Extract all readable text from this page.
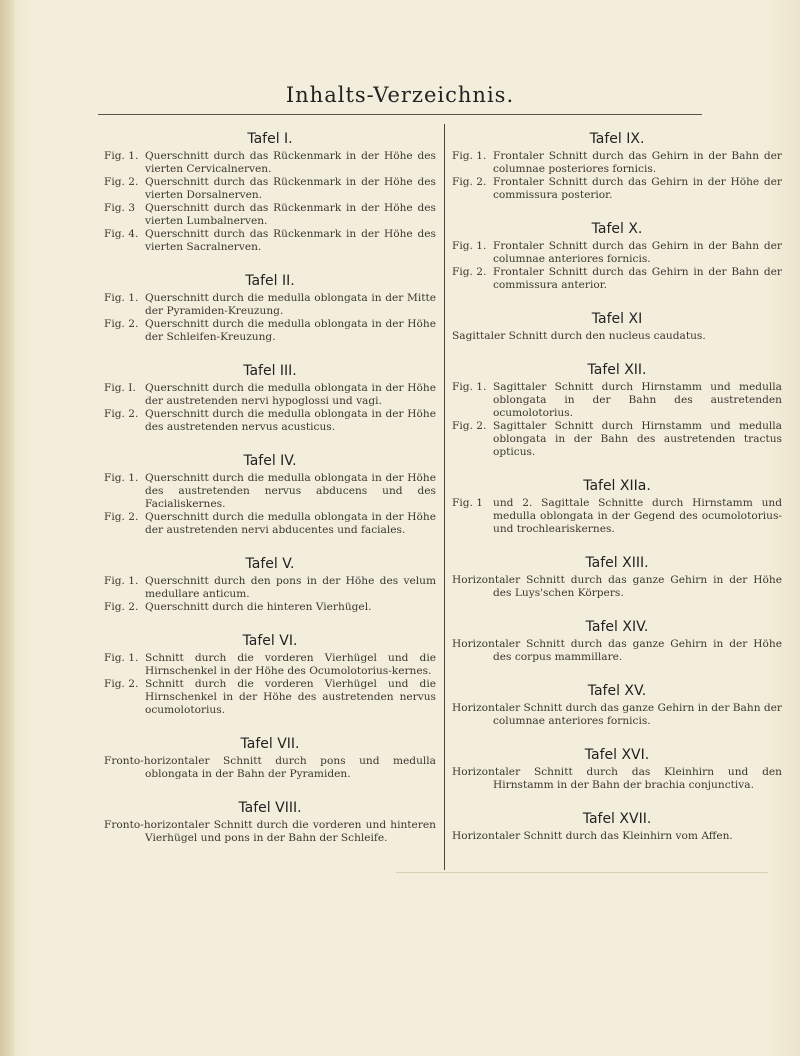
Inhalts-Verzeichnis.
Tafel I.
Fig. 1. Querschnitt durch das Rückenmark in der Höhe des vierten Cervicalnerven.
Fig. 2. Querschnitt durch das Rückenmark in der Höhe des vierten Dorsalnerven.
Fig. 3 Querschnitt durch das Rückenmark in der Höhe des vierten Lumbalnerven.
Fig. 4. Querschnitt durch das Rückenmark in der Höhe des vierten Sacralnerven.
Tafel II.
Fig. 1. Querschnitt durch die medulla oblongata in der Mitte der Pyramiden-Kreuzung.
Fig. 2. Querschnitt durch die medulla oblongata in der Höhe der Schleifen-Kreuzung.
Tafel III.
Fig. I. Querschnitt durch die medulla oblongata in der Höhe der austretenden nervi hypoglossi und vagi.
Fig. 2. Querschnitt durch die medulla oblongata in der Höhe des austretenden nervus acusticus.
Tafel IV.
Fig. 1. Querschnitt durch die medulla oblongata in der Höhe des austretenden nervus abducens und des Facialiskernes.
Fig. 2. Querschnitt durch die medulla oblongata in der Höhe der austretenden nervi abducentes und faciales.
Tafel V.
Fig. 1. Querschnitt durch den pons in der Höhe des velum medullare anticum.
Fig. 2. Querschnitt durch die hinteren Vierhügel.
Tafel VI.
Fig. 1. Schnitt durch die vorderen Vierhügel und die Hirnschenkel in der Höhe des Ocumolotorius-kernes.
Fig. 2. Schnitt durch die vorderen Vierhügel und die Hirnschenkel in der Höhe des austretenden nervus ocumolotorius.
Tafel VII.
Fronto-horizontaler Schnitt durch pons und medulla oblongata in der Bahn der Pyramiden.
Tafel VIII.
Fronto-horizontaler Schnitt durch die vorderen und hinteren Vierhügel und pons in der Bahn der Schleife.
Tafel IX.
Fig. 1. Frontaler Schnitt durch das Gehirn in der Bahn der columnae posteriores fornicis.
Fig. 2. Frontaler Schnitt durch das Gehirn in der Höhe der commissura posterior.
Tafel X.
Fig. 1. Frontaler Schnitt durch das Gehirn in der Bahn der columnae anteriores fornicis.
Fig. 2. Frontaler Schnitt durch das Gehirn in der Bahn der commissura anterior.
Tafel XI
Sagittaler Schnitt durch den nucleus caudatus.
Tafel XII.
Fig. 1. Sagittaler Schnitt durch Hirnstamm und medulla oblongata in der Bahn des austretenden ocumolotorius.
Fig. 2. Sagittaler Schnitt durch Hirnstamm und medulla oblongata in der Bahn des austretenden tractus opticus.
Tafel XIIa.
Fig. 1 und 2. Sagittale Schnitte durch Hirnstamm und medulla oblongata in der Gegend des ocumolotorius- und trochleariskernes.
Tafel XIII.
Horizontaler Schnitt durch das ganze Gehirn in der Höhe des Luys'schen Körpers.
Tafel XIV.
Horizontaler Schnitt durch das ganze Gehirn in der Höhe des corpus mammillare.
Tafel XV.
Horizontaler Schnitt durch das ganze Gehirn in der Bahn der columnae anteriores fornicis.
Tafel XVI.
Horizontaler Schnitt durch das Kleinhirn und den Hirnstamm in der Bahn der brachia conjunctiva.
Tafel XVII.
Horizontaler Schnitt durch das Kleinhirn vom Affen.
